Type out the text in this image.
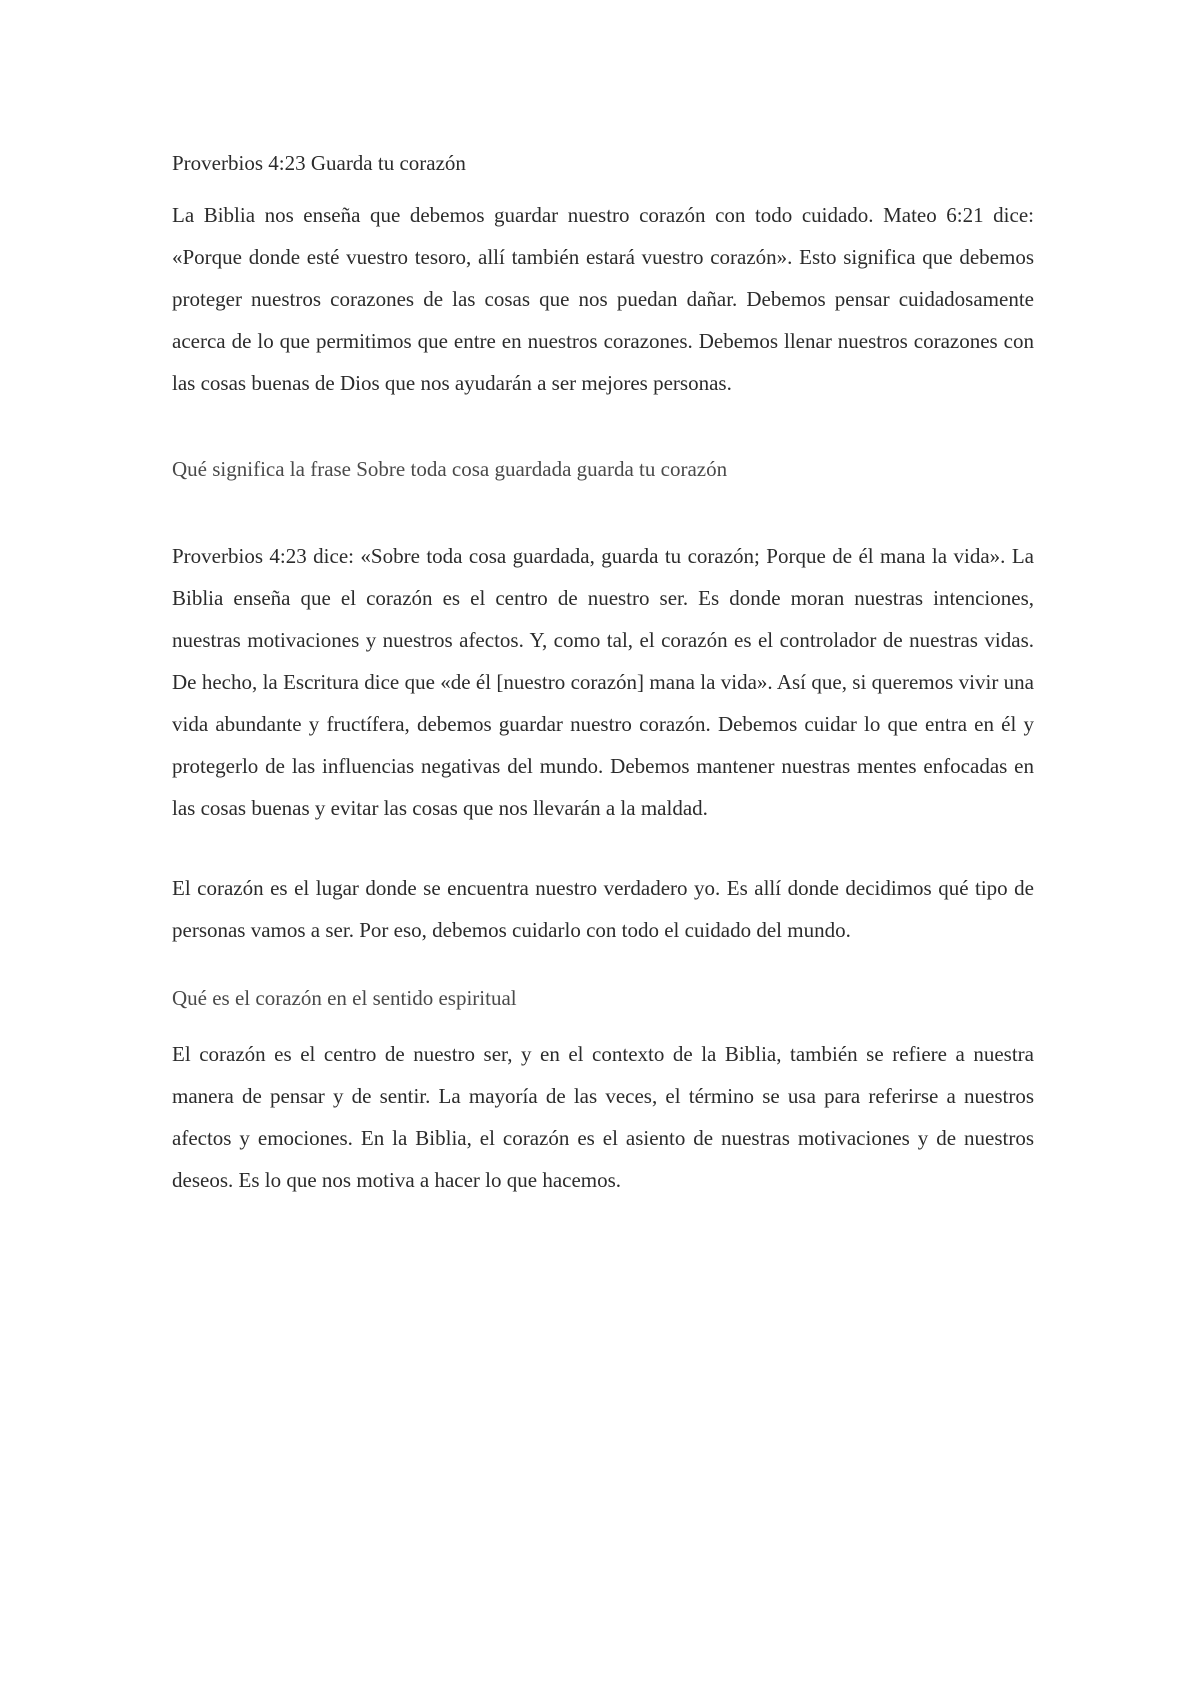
Proverbios 4:23 Guarda tu corazón

La Biblia nos enseña que debemos guardar nuestro corazón con todo cuidado. Mateo 6:21 dice: «Porque donde esté vuestro tesoro, allí también estará vuestro corazón». Esto significa que debemos proteger nuestros corazones de las cosas que nos puedan dañar. Debemos pensar cuidadosamente acerca de lo que permitimos que entre en nuestros corazones. Debemos llenar nuestros corazones con las cosas buenas de Dios que nos ayudarán a ser mejores personas.

Qué significa la frase Sobre toda cosa guardada guarda tu corazón

Proverbios 4:23 dice: «Sobre toda cosa guardada, guarda tu corazón; Porque de él mana la vida». La Biblia enseña que el corazón es el centro de nuestro ser. Es donde moran nuestras intenciones, nuestras motivaciones y nuestros afectos. Y, como tal, el corazón es el controlador de nuestras vidas. De hecho, la Escritura dice que «de él [nuestro corazón] mana la vida». Así que, si queremos vivir una vida abundante y fructífera, debemos guardar nuestro corazón. Debemos cuidar lo que entra en él y protegerlo de las influencias negativas del mundo. Debemos mantener nuestras mentes enfocadas en las cosas buenas y evitar las cosas que nos llevarán a la maldad.

El corazón es el lugar donde se encuentra nuestro verdadero yo. Es allí donde decidimos qué tipo de personas vamos a ser. Por eso, debemos cuidarlo con todo el cuidado del mundo.

Qué es el corazón en el sentido espiritual

El corazón es el centro de nuestro ser, y en el contexto de la Biblia, también se refiere a nuestra manera de pensar y de sentir. La mayoría de las veces, el término se usa para referirse a nuestros afectos y emociones. En la Biblia, el corazón es el asiento de nuestras motivaciones y de nuestros deseos. Es lo que nos motiva a hacer lo que hacemos.
